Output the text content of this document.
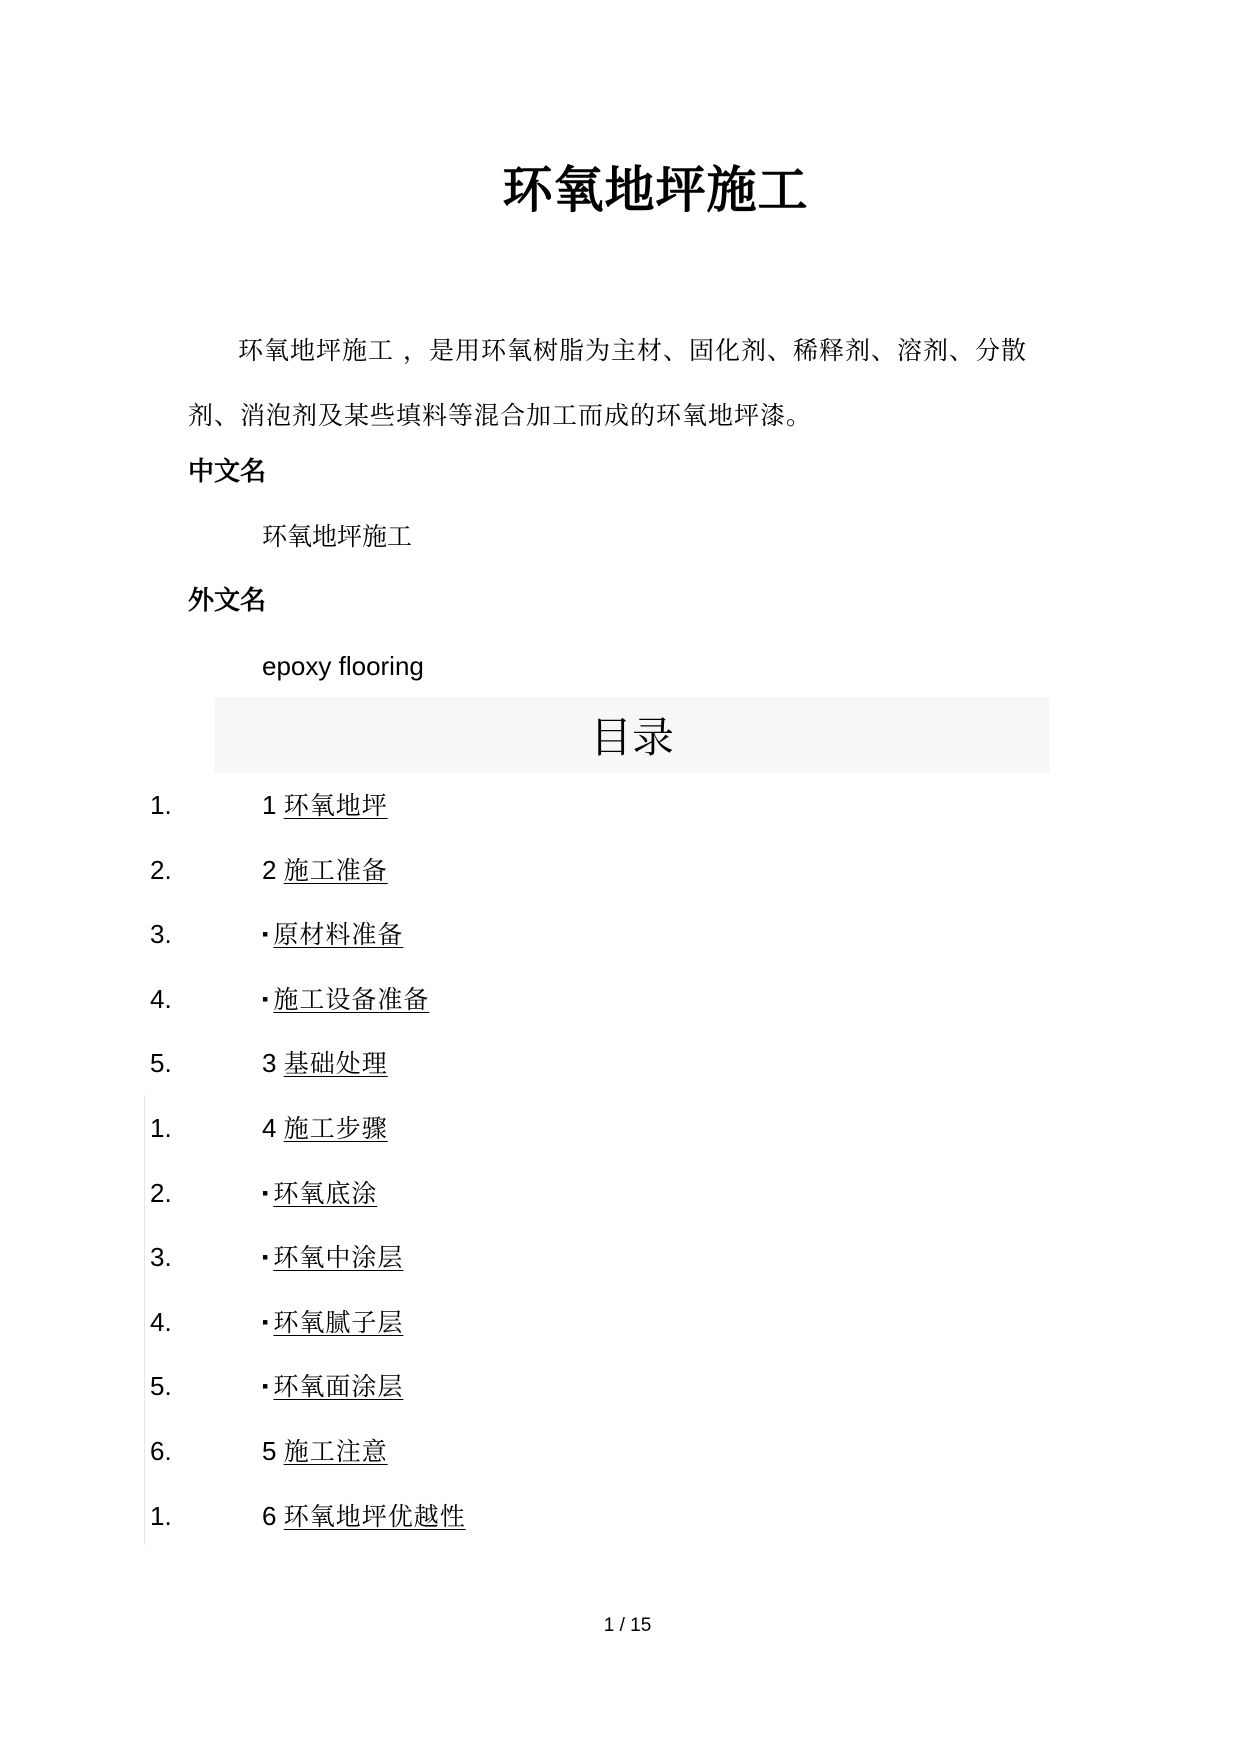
环氧地坪施工
环氧地坪施工 ，是用环氧树脂为主材、固化剂、稀释剂、溶剂、分散剂、消泡剂及某些填料等混合加工而成的环氧地坪漆。
中文名
环氧地坪施工
外文名
epoxy flooring
目录
1.	1 环氧地坪
2.	2 施工准备
3.	▪ 原材料准备
4.	▪ 施工设备准备
5.	3 基础处理
1.	4 施工步骤
2.	▪ 环氧底涂
3.	▪ 环氧中涂层
4.	▪ 环氧腻子层
5.	▪ 环氧面涂层
6.	5 施工注意
1.	6 环氧地坪优越性
1 / 15
